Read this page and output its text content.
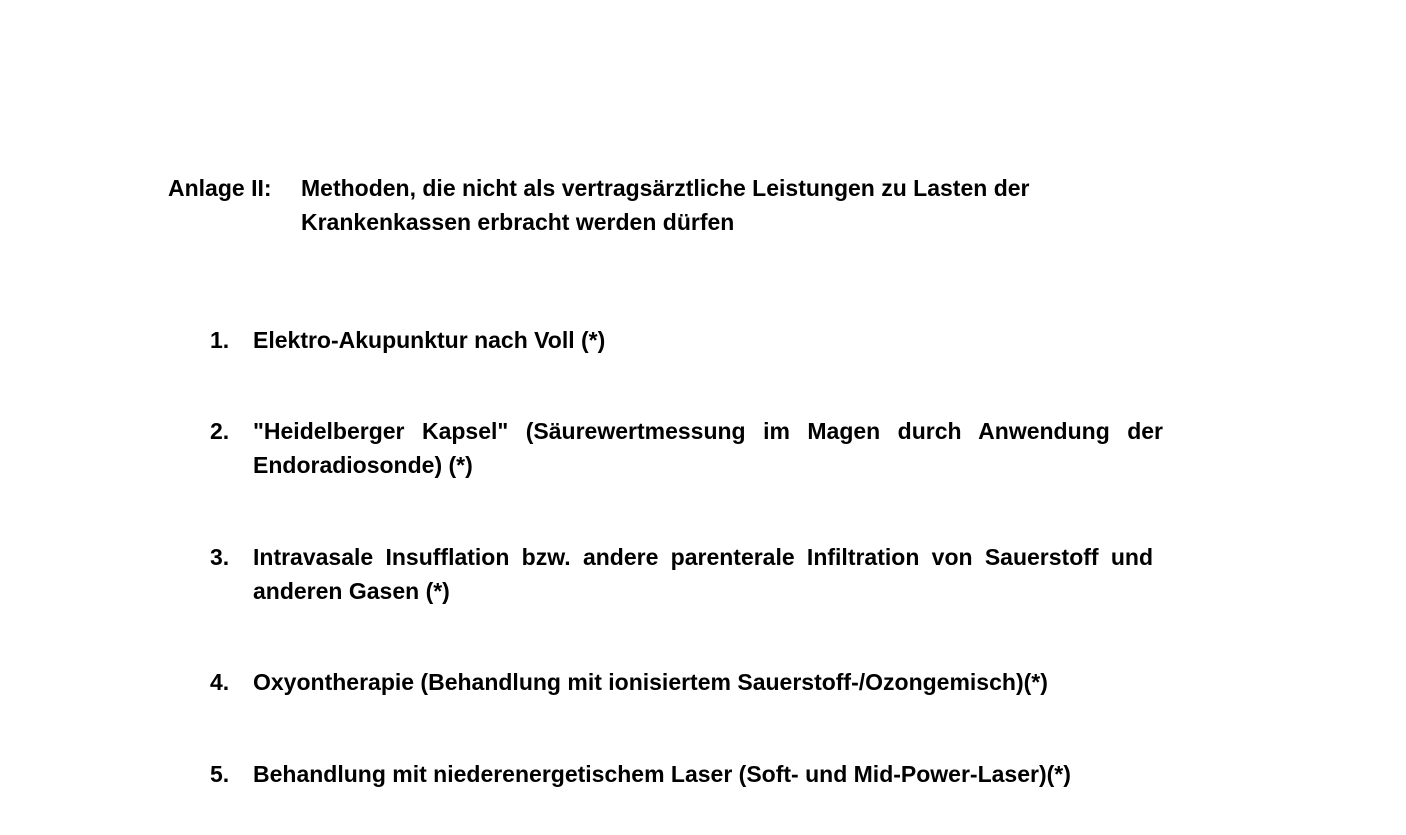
Anlage II: Methoden, die nicht als vertragsärztliche Leistungen zu Lasten der Krankenkassen erbracht werden dürfen
1. Elektro-Akupunktur nach Voll (*)
2. "Heidelberger Kapsel" (Säurewertmessung im Magen durch Anwendung der Endoradiosonde) (*)
3. Intravasale Insufflation bzw. andere parenterale Infiltration von Sauerstoff und anderen Gasen (*)
4. Oxyontherapie (Behandlung mit ionisiertem Sauerstoff-/Ozongemisch)(*)
5. Behandlung mit niederenergetischem Laser (Soft- und Mid-Power-Laser)(*)
